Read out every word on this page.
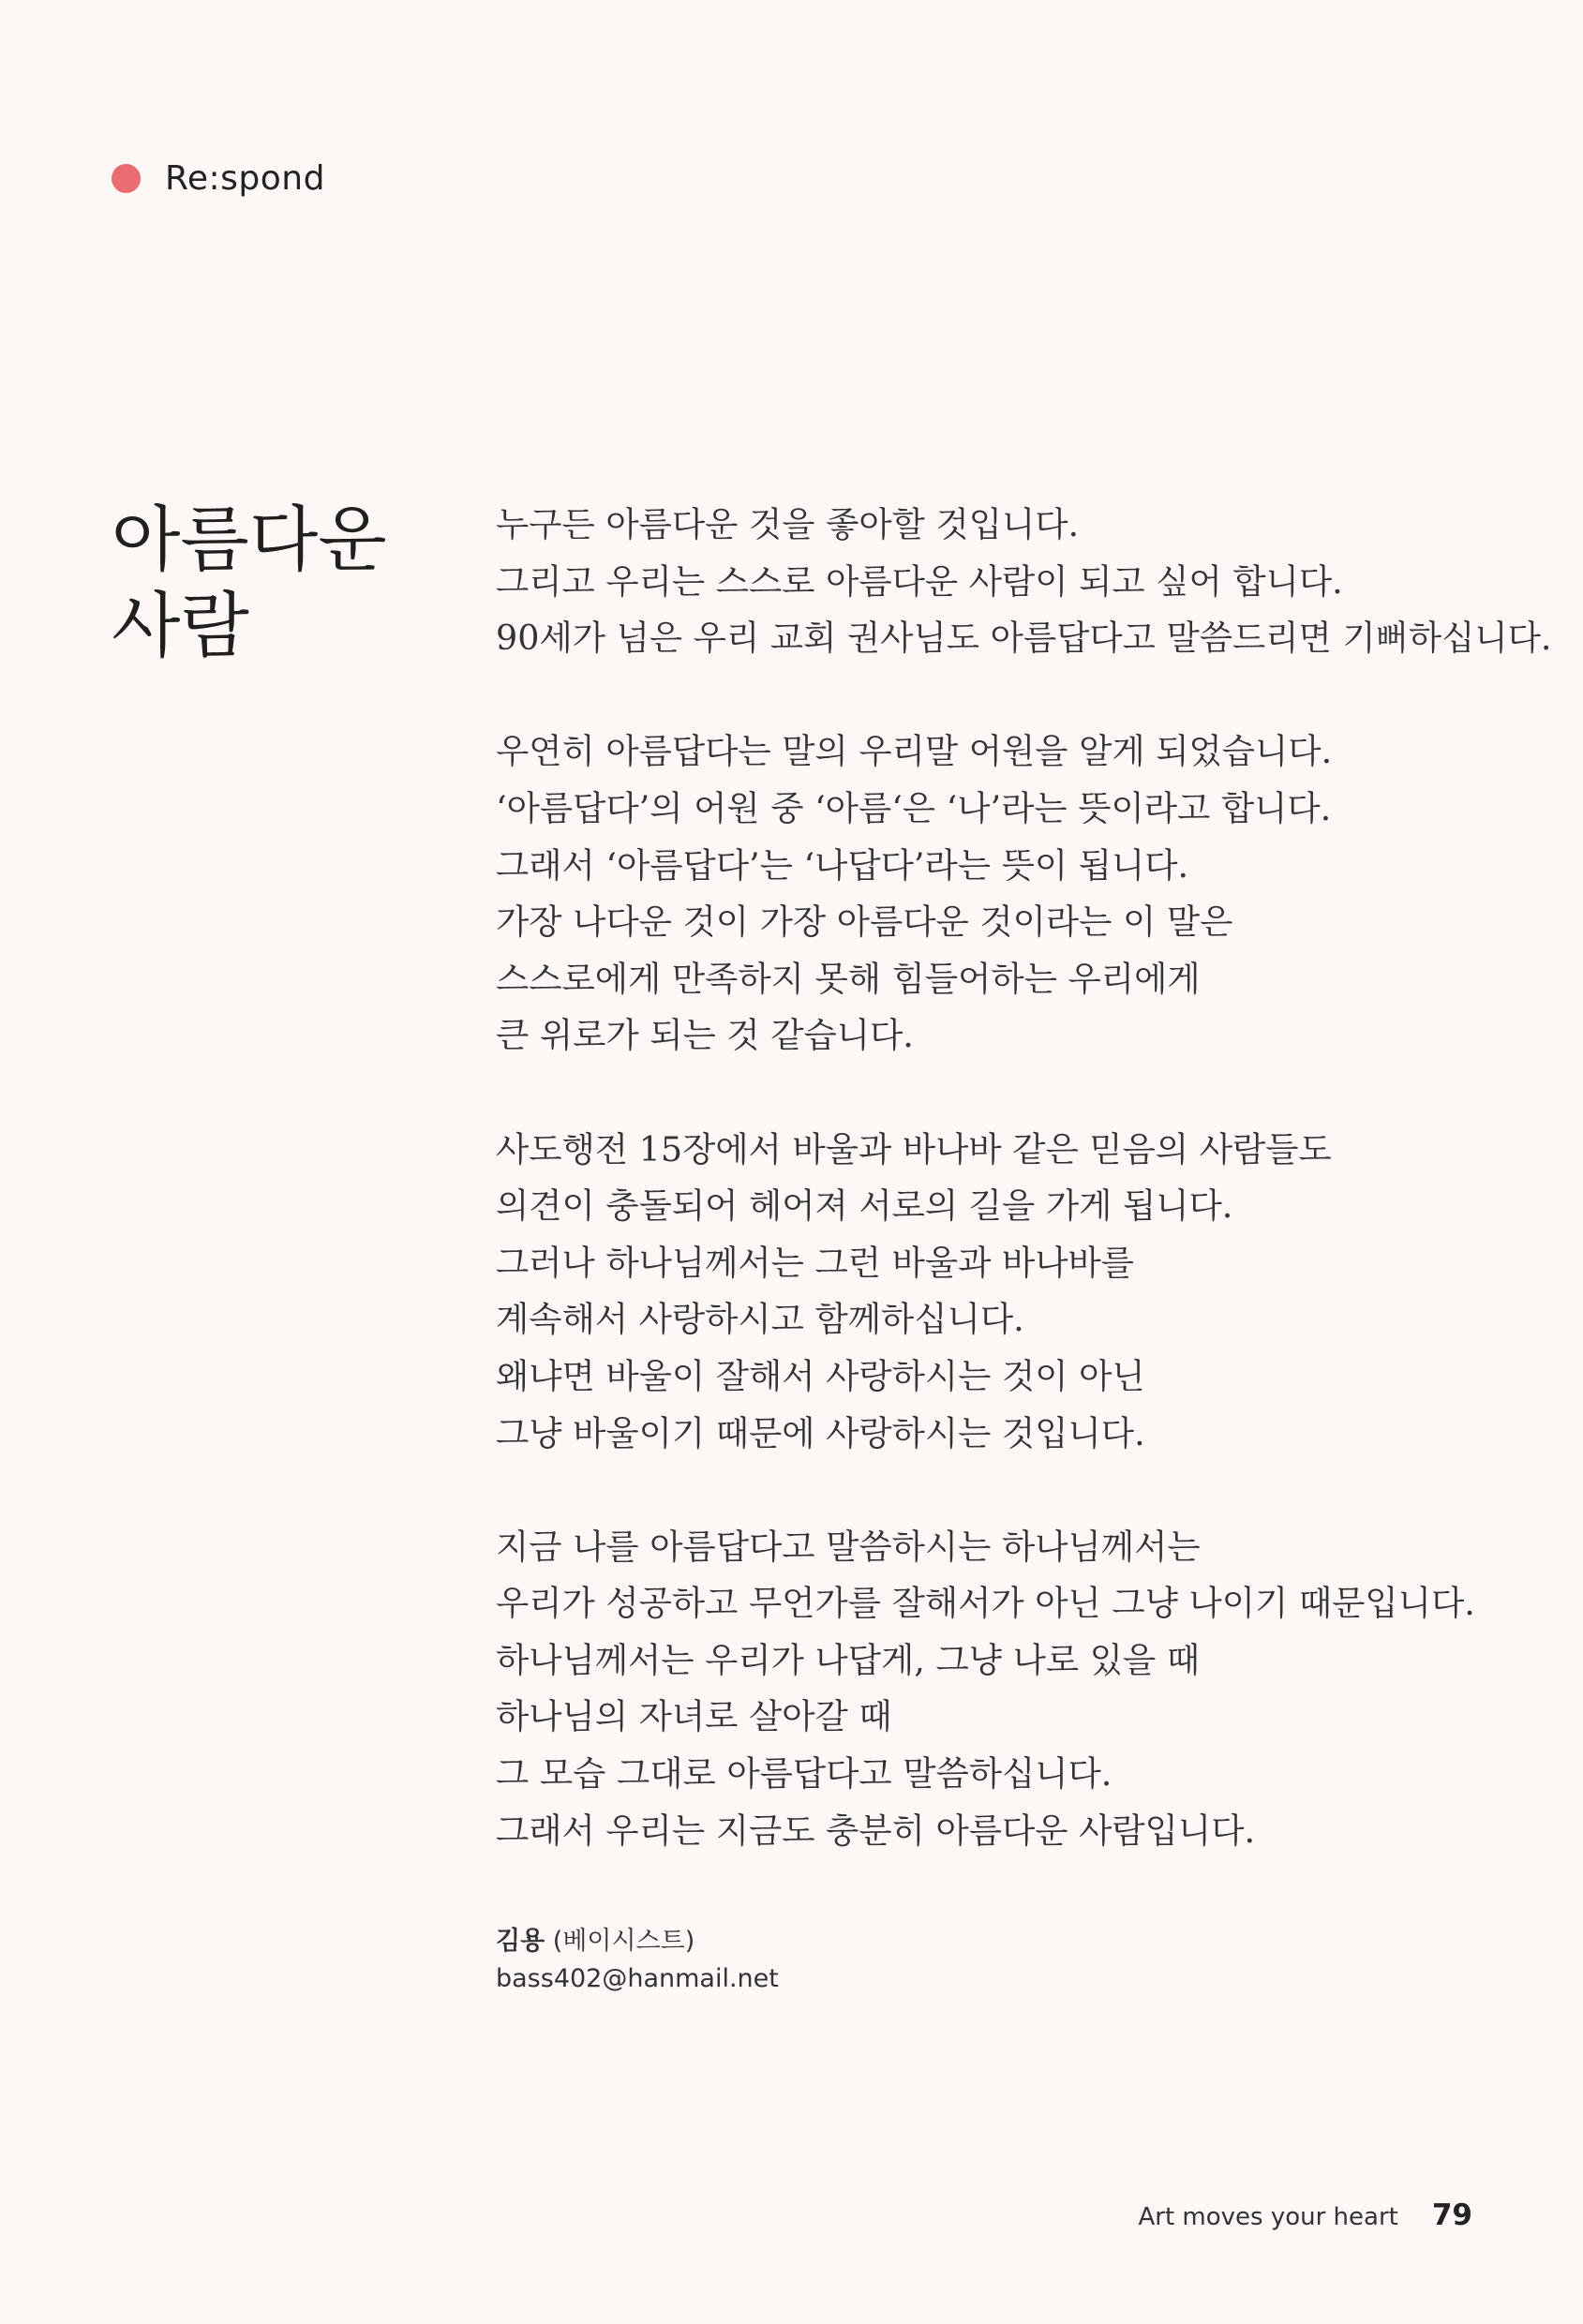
Re:spond
아름다운
사람

누구든 아름다운 것을 좋아할 것입니다.
그리고 우리는 스스로 아름다운 사람이 되고 싶어 합니다.
90세가 넘은 우리 교회 권사님도 아름답다고 말씀드리면 기뻐하십니다.

우연히 아름답다는 말의 우리말 어원을 알게 되었습니다.
‘아름답다’의 어원 중 ‘아름‘은 ‘나’라는 뜻이라고 합니다.
그래서 ‘아름답다’는 ‘나답다’라는 뜻이 됩니다.
가장 나다운 것이 가장 아름다운 것이라는 이 말은
스스로에게 만족하지 못해 힘들어하는 우리에게
큰 위로가 되는 것 같습니다.

사도행전 15장에서 바울과 바나바 같은 믿음의 사람들도
의견이 충돌되어 헤어져 서로의 길을 가게 됩니다.
그러나 하나님께서는 그런 바울과 바나바를
계속해서 사랑하시고 함께하십니다.
왜냐면 바울이 잘해서 사랑하시는 것이 아닌
그냥 바울이기 때문에 사랑하시는 것입니다.

지금 나를 아름답다고 말씀하시는 하나님께서는
우리가 성공하고 무언가를 잘해서가 아닌 그냥 나이기 때문입니다.
하나님께서는 우리가 나답게, 그냥 나로 있을 때
하나님의 자녀로 살아갈 때
그 모습 그대로 아름답다고 말씀하십니다.
그래서 우리는 지금도 충분히 아름다운 사람입니다.

김용 (베이시스트)
bass402@hanmail.net
Art moves your heart 79
